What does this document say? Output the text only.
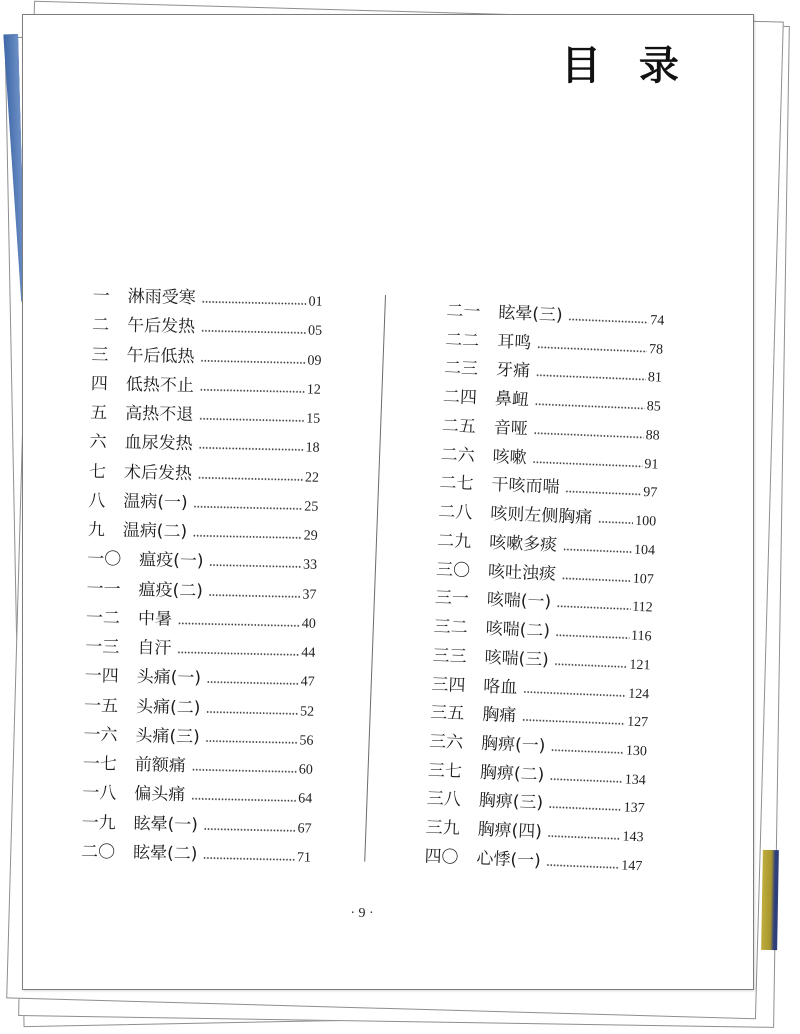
目 录
一 淋雨受寒	01
二 午后发热	05
三 午后低热	09
四 低热不止	12
五 高热不退	15
六 血尿发热	18
七 术后发热	22
八 温病(一)	25
九 温病(二)	29
一〇 瘟疫(一)	33
一一 瘟疫(二)	37
一二 中暑	40
一三 自汗	44
一四 头痛(一)	47
一五 头痛(二)	52
一六 头痛(三)	56
一七 前额痛	60
一八 偏头痛	64
一九 眩晕(一)	67
二〇 眩晕(二)	71
二一 眩晕(三)	74
二二 耳鸣	78
二三 牙痛	81
二四 鼻衄	85
二五 音哑	88
二六 咳嗽	91
二七 干咳而喘	97
二八 咳则左侧胸痛	100
二九 咳嗽多痰	104
三〇 咳吐浊痰	107
三一 咳喘(一)	112
三二 咳喘(二)	116
三三 咳喘(三)	121
三四 咯血	124
三五 胸痛	127
三六 胸痹(一)	130
三七 胸痹(二)	134
三八 胸痹(三)	137
三九 胸痹(四)	143
四〇 心悸(一)	147
· 9 ·
